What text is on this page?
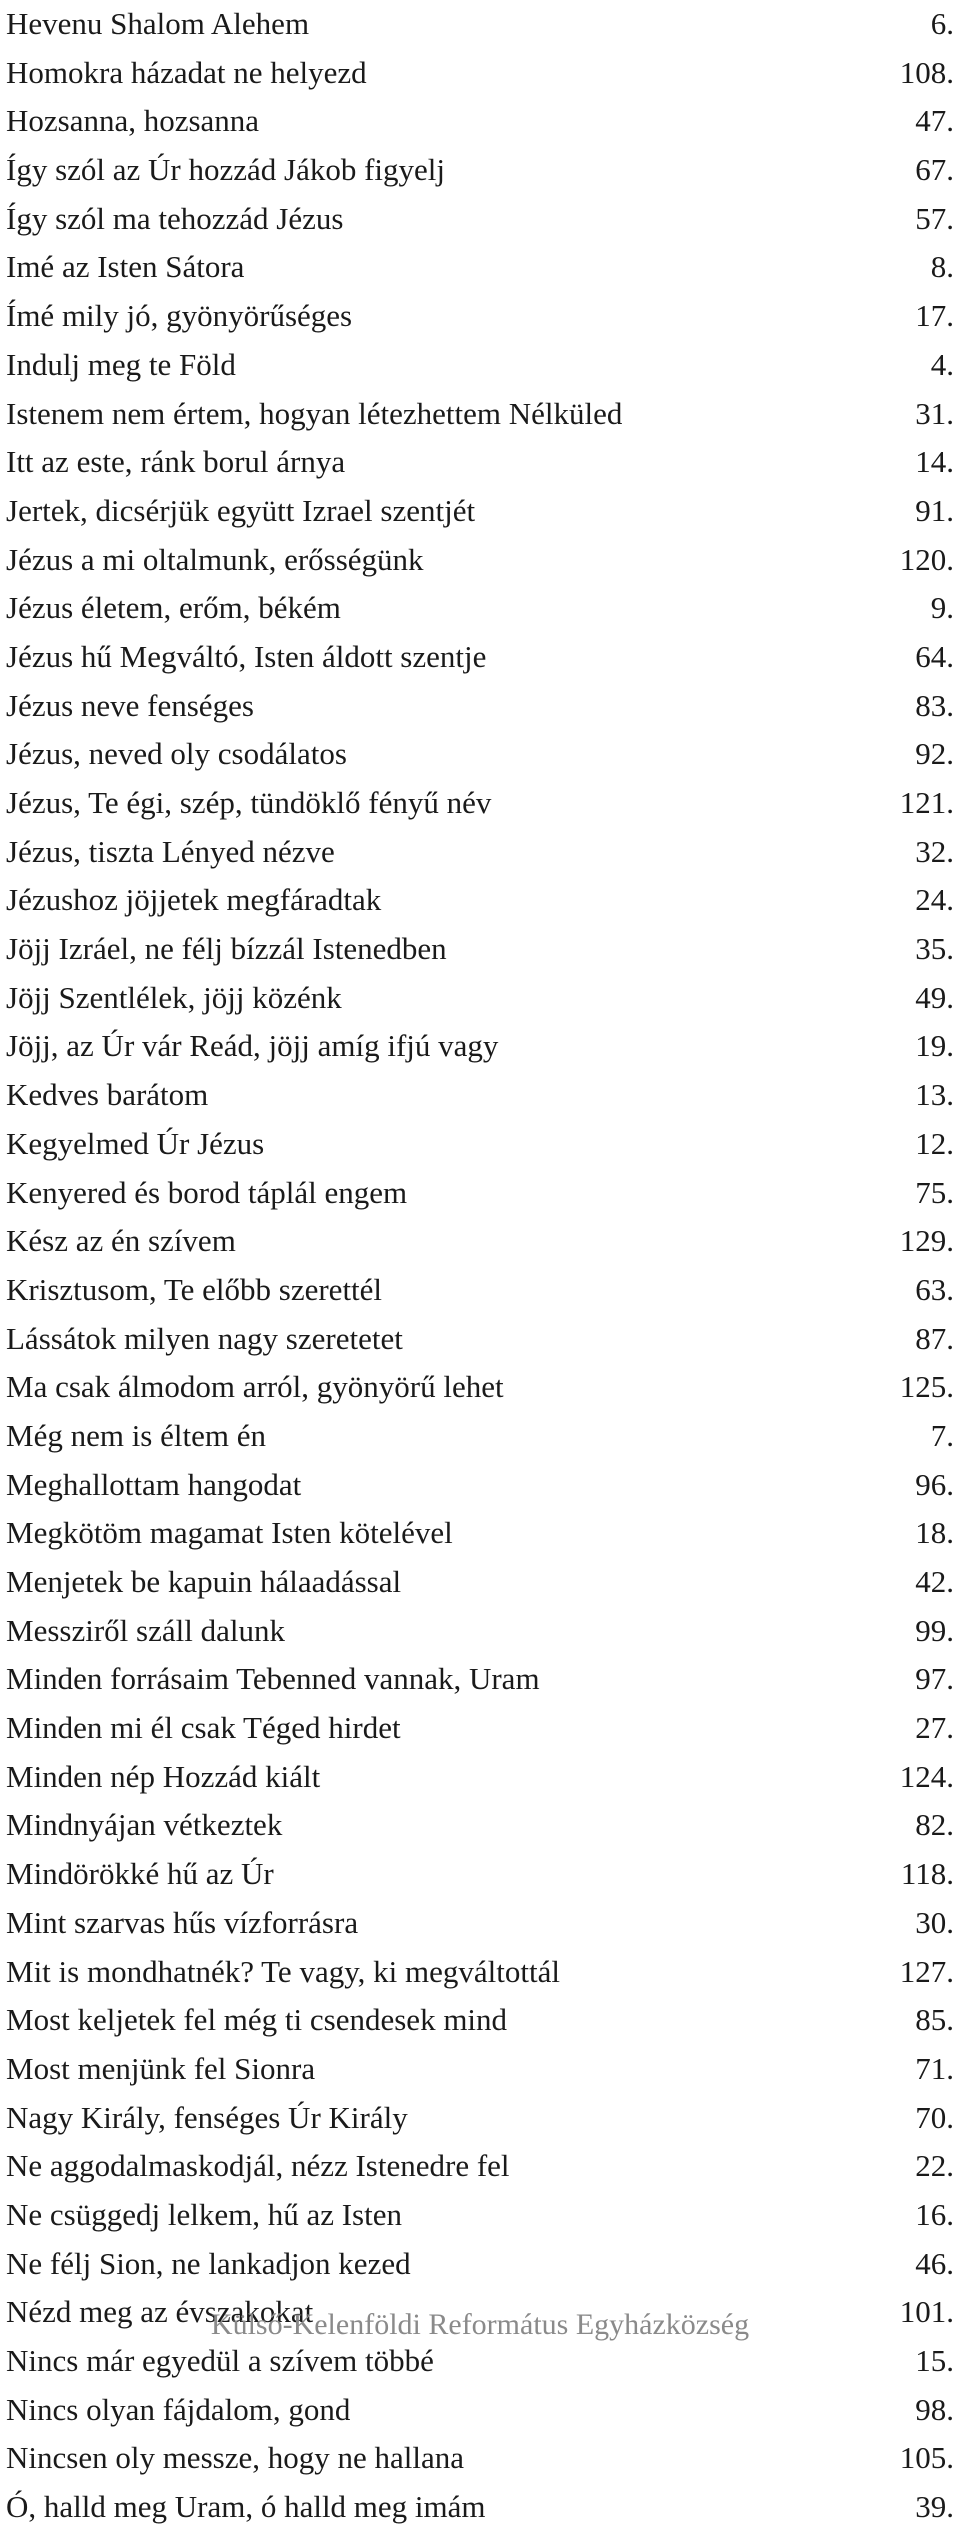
Hevenu Shalom Alehem	6.
Homokra házadat ne helyezd	108.
Hozsanna, hozsanna	47.
Így szól az Úr hozzád Jákob figyelj	67.
Így szól ma tehozzád Jézus	57.
Imé az Isten Sátora	8.
Ímé mily jó, gyönyörűséges	17.
Indulj meg te Föld	4.
Istenem nem értem, hogyan létezhettem Nélküled	31.
Itt az este, ránk borul árnya	14.
Jertek, dicsérjük együtt Izrael szentjét	91.
Jézus a mi oltalmunk, erősségünk	120.
Jézus életem, erőm, békém	9.
Jézus hű Megváltó, Isten áldott szentje	64.
Jézus neve fenséges	83.
Jézus, neved oly csodálatos	92.
Jézus, Te égi, szép, tündöklő fényű név	121.
Jézus, tiszta Lényed nézve	32.
Jézushoz jöjjetek megfáradtak	24.
Jöjj Izráel, ne félj bízzál Istenedben	35.
Jöjj Szentlélek, jöjj közénk	49.
Jöjj, az Úr vár Reád, jöjj amíg ifjú vagy	19.
Kedves barátom	13.
Kegyelmed Úr Jézus	12.
Kenyered és borod táplál engem	75.
Kész az én szívem	129.
Krisztusom, Te előbb szerettél	63.
Lássátok milyen nagy szeretetet	87.
Ma csak álmodom arról, gyönyörű lehet	125.
Még nem is éltem én	7.
Meghallottam hangodat	96.
Megkötöm magamat Isten kötelével	18.
Menjetek be kapuin hálaadással	42.
Messziről száll dalunk	99.
Minden forrásaim Tebenned vannak, Uram	97.
Minden mi él csak Téged hirdet	27.
Minden nép Hozzád kiált	124.
Mindnyájan vétkeztek	82.
Mindörökké hű az Úr	118.
Mint szarvas hűs vízforrásra	30.
Mit is mondhatnék? Te vagy, ki megváltottál	127.
Most keljetek fel még ti csendesek mind	85.
Most menjünk fel Sionra	71.
Nagy Király, fenséges Úr Király	70.
Ne aggodalmaskodjál, nézz Istenedre fel	22.
Ne csüggedj lelkem, hű az Isten	16.
Ne félj Sion, ne lankadjon kezed	46.
Nézd meg az évszakokat	101.
Nincs már egyedül a szívem többé	15.
Nincs olyan fájdalom, gond	98.
Nincsen oly messze, hogy ne hallana	105.
Ó, halld meg Uram, ó halld meg imám	39.
Külső-Kelenföldi Református Egyházközség
